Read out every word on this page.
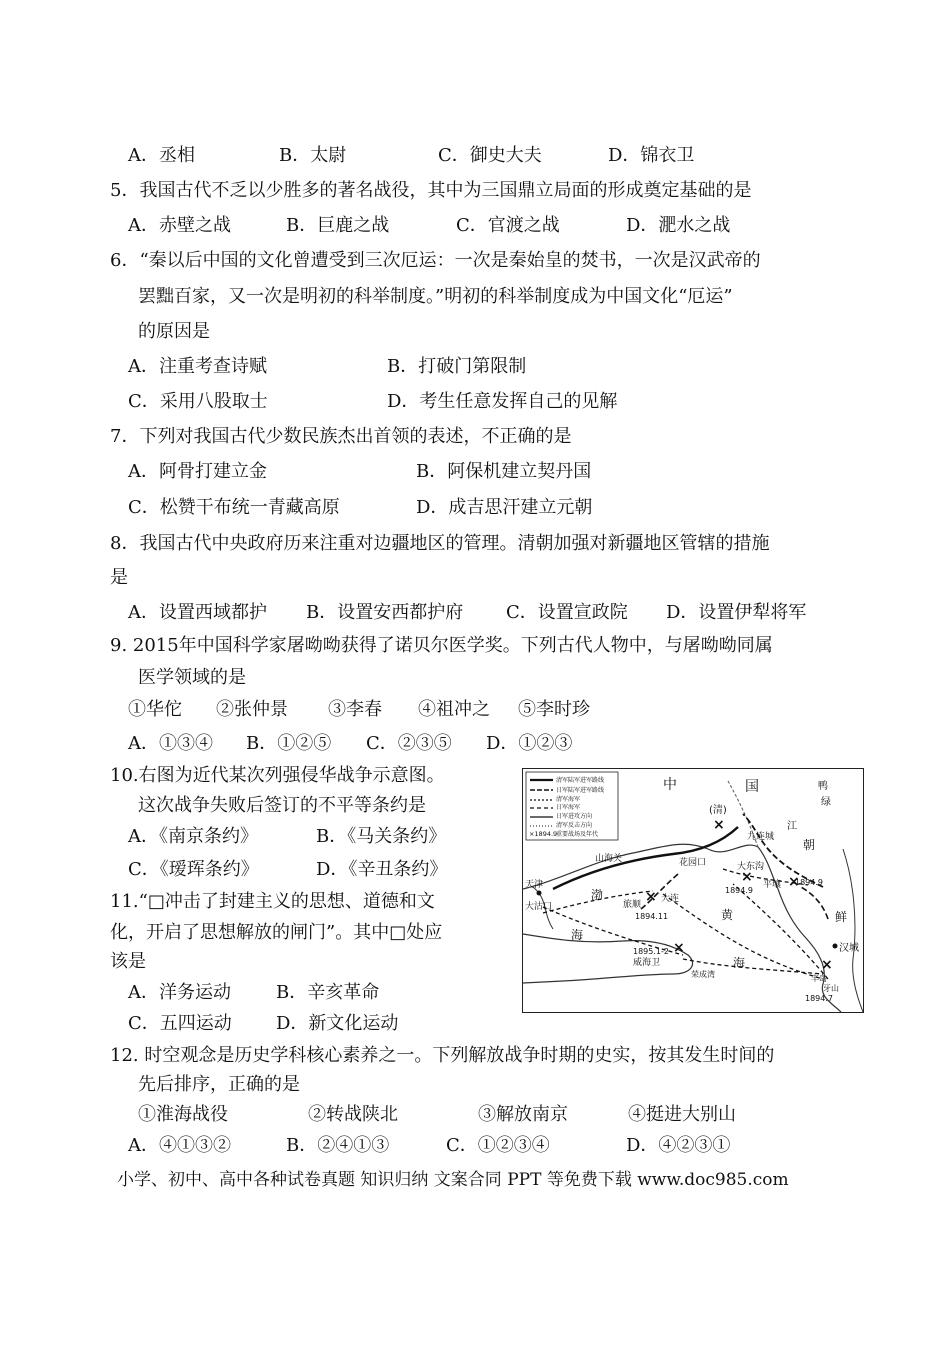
A．丞相	B．太尉	C．御史大夫	D．锦衣卫
5．我国古代不乏以少胜多的著名战役，其中为三国鼎立局面的形成奠定基础的是
A．赤壁之战	B．巨鹿之战	C．官渡之战	D．淝水之战
6．“秦以后中国的文化曾遭受到三次厄运：一次是秦始皇的焚书，一次是汉武帝的
罢黜百家，又一次是明初的科举制度。”明初的科举制度成为中国文化“厄运”
的原因是
A．注重考查诗赋	B．打破门第限制
C．采用八股取士	D．考生任意发挥自己的见解
7．下列对我国古代少数民族杰出首领的表述，不正确的是
A．阿骨打建立金	B．阿保机建立契丹国
C．松赞干布统一青藏高原	D．成吉思汗建立元朝
8．我国古代中央政府历来注重对边疆地区的管理。清朝加强对新疆地区管辖的措施
是
A．设置西域都护 B．设置安西都护府 C．设置宣政院 D．设置伊犁将军
9. 2015年中国科学家屠呦呦获得了诺贝尔医学奖。下列古代人物中，与屠呦呦同属
医学领域的是
①华佗 ②张仲景 ③李春 ④祖冲之 ⑤李时珍
A．①③④ B．①②⑤ C．②③⑤ D．①②③
10.右图为近代某次列强侵华战争示意图。
这次战争失败后签订的不平等条约是
A．《南京条约》	B．《马关条约》
C．《瑷珲条约》	D．《辛丑条约》
11.“□冲击了封建主义的思想、道德和文
化，开启了思想解放的闸门”。其中□处应
该是
A．洋务运动	B．辛亥革命
C．五四运动 D．新文化运动
12. 时空观念是历史学科核心素养之一。下列解放战争时期的史实，按其发生时间的
先后排序，正确的是
①淮海战役	②转战陕北	③解放南京	④挺进大别山
A．④①③②	B．②④①③	C．①②③④	D．④②③①
小学、初中、高中各种试卷真题 知识归纳 文案合同 PPT 等免费下载 www.doc985.com
×
×
×
×
×
×
清军陆军进军路线
日军陆军进军路线
清军海军
日军海军
日军进攻方向
清军反击方向
×1894.9
重要战场及年代
中	国
(清)
鸭
绿
江
九连城
朝
鲜
山海关
天津
大沽口
渤
海
花园口	大东沟
旅顺
大连
平壤
黄
海
威海卫
汉城
丰岛
牙山
荣成湾
1894.9
1894.9
1894.11
1895.1-2
1894.7
